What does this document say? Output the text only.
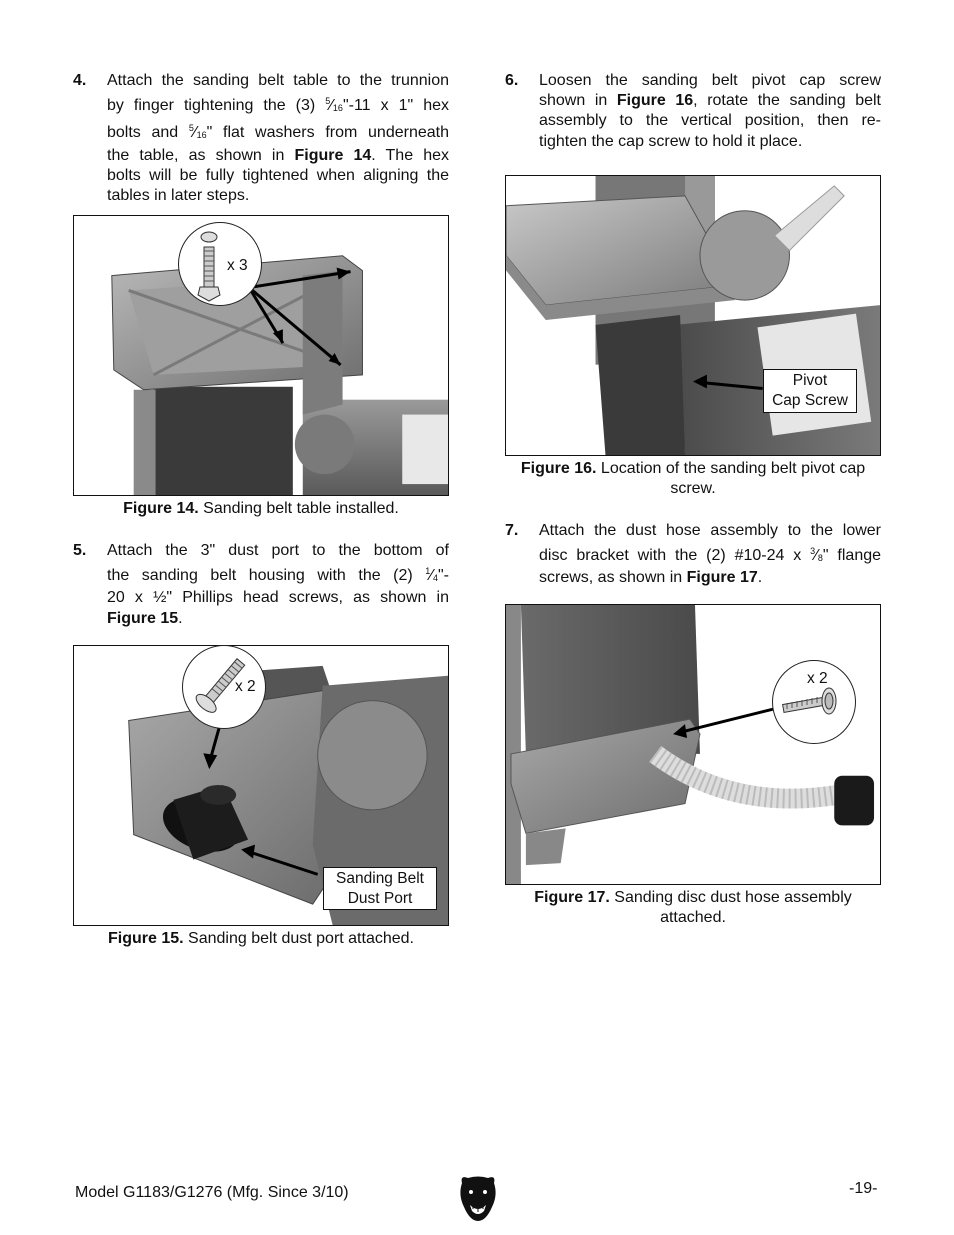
4. Attach the sanding belt table to the trunnion
by finger tightening the (3) $^5⁄_{16}"-11$ x 1" hex
bolts and $^5⁄_{16}$" flat washers from underneath
the table, as shown in Figure 14. The hex
bolts will be fully tightened when aligning the
tables in later steps.
x 3
Figure 14. Sanding belt table installed.
5. Attach the 3" dust port to the bottom of
the sanding belt housing with the (2) $^1⁄_4"-$
20 x ½" Phillips head screws, as shown in
Figure 15.
x 2
Sanding Belt
Dust Port
Figure 15. Sanding belt dust port attached.
6. Loosen the sanding belt pivot cap screw
shown in Figure 16, rotate the sanding belt
assembly to the vertical position, then re-
tighten the cap screw to hold it place.
Pivot
Cap Screw
Figure 16. Location of the sanding belt pivot cap
screw.
7. Attach the dust hose assembly to the lower
disc bracket with the (2) #10-24 x $^3⁄_8$" flange
screws, as shown in Figure 17.
x 2
Figure 17. Sanding disc dust hose assembly
attached.
Model G1183/G1276 (Mfg. Since 3/10)	-19-
